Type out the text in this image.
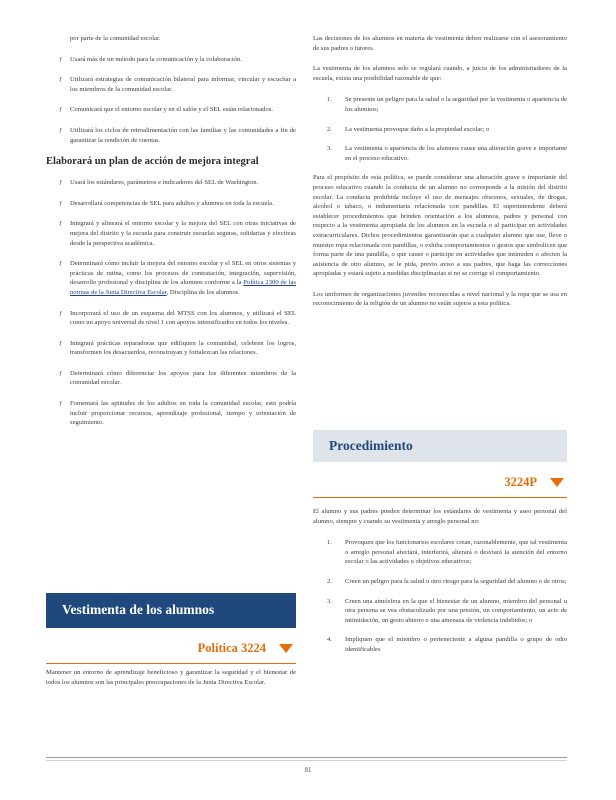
por parte de la comunidad escolar.

ƒ Usará más de un método para la comunicación y la colaboración.

ƒ Utilizará estrategias de comunicación bilateral para informar, vincular y escuchar a los miembros de la comunidad escolar.

ƒ Comunicará que el entorno escolar y en el salón y el SEL están relacionados.

ƒ Utilizará los ciclos de retroalimentación con las familias y las comunidades a fin de garantizar la rendición de cuentas.

Elaborará un plan de acción de mejora integral
ƒ Usará los estándares, parámetros e indicadores del SEL de Washington.

ƒ Desarrollará competencias de SEL para adultos y alumnos en toda la escuela.

ƒ Integrará y alineará el entorno escolar y la mejora del SEL con otras iniciativas de mejora del distrito y la escuela para construir escuelas seguras, solidarias y efectivas desde la perspectiva académica.

ƒ Determinará cómo incluir la mejora del entorno escolar y el SEL en otros sistemas y prácticas de rutina, como los procesos de contratación, integración, supervisión, desarrollo profesional y disciplina de los alumnos conforme a la Política 2300 de las normas de la Junta Directiva Escolar, Disciplina de los alumnos.

ƒ Incorporará el uso de un esquema del MTSS con los alumnos, y utilizará el SEL como un apoyo universal de nivel 1 con apoyos intensificados en todos los niveles.

ƒ Integrará prácticas reparadoras que edifiquen la comunidad, celebren los logros, transformen los desacuerdos, reconstruyan y fortalezcan las relaciones.

ƒ Determinará cómo diferenciar los apoyos para los diferentes miembros de la comunidad escolar.

ƒ Fomentará las aptitudes de los adultos en toda la comunidad escolar, esto podría incluir proporcionar recursos, aprendizaje profesional, tiempo y orientación de seguimiento.

Vestimenta de los alumnos
Política 3224

Mantener un entorno de aprendizaje beneficioso y garantizar la seguridad y el bienestar de todos los alumnos son las principales preocupaciones de la Junta Directiva Escolar.

Las decisiones de los alumnos en materia de vestimenta deben realizarse con el asesoramiento de sus padres o tutores.

La vestimenta de los alumnos solo se regulará cuando, a juicio de los administradores de la escuela, exista una posibilidad razonable de que:

1. Se presente un peligro para la salud o la seguridad por la vestimenta o apariencia de los alumnos;

2. La vestimenta provoque daño a la propiedad escolar; o

3. La vestimenta o apariencia de los alumnos cause una alteración grave e importante en el proceso educativo.

Para el propósito de esta política, se puede considerar una alteración grave e importante del proceso educativo cuando la conducta de un alumno no corresponde a la misión del distrito escolar. La conducta prohibida incluye el uso de mensajes obscenos, sexuales, de drogas, alcohol o tabaco, o indumentaria relacionada con pandillas. El superintendente deberá establecer procedimientos que brinden orientación a los alumnos, padres y personal con respecto a la vestimenta apropiada de los alumnos en la escuela o al participar en actividades extracurriculares. Dichos procedimientos garantizarán que a cualquier alumno que use, lleve o muestre ropa relacionada con pandillas, o exhiba comportamientos o gestos que simbolicen que forma parte de una pandilla, o que cause o participe en actividades que intimiden o afecten la asistencia de otro alumno, se le pida, previo aviso a sus padres, que haga las correcciones apropiadas y estará sujeto a medidas disciplinarias si no se corrige el comportamiento.

Los uniformes de organizaciones juveniles reconocidas a nivel nacional y la ropa que se usa en reconocimiento de la religión de un alumno no están sujetos a esta política.

Procedimiento
3224P

El alumno y sus padres pueden determinar los estándares de vestimenta y aseo personal del alumno, siempre y cuando su vestimenta y arreglo personal no:

1. Provoquen que los funcionarios escolares crean, razonablemente, que tal vestimenta o arreglo personal afectará, interferirá, alterará o desviará la atención del entorno escolar o las actividades u objetivos educativos;

2. Creen un peligro para la salud u otro riesgo para la seguridad del alumno o de otros;

3. Creen una atmósfera en la que el bienestar de un alumno, miembro del personal u otra persona se vea obstaculizado por una presión, un comportamiento, un acto de intimidación, un gesto abierto o una amenaza de violencia indebidos; o

4. Impliquen que el miembro o perteneciente a alguna pandilla o grupo de odio identificables

81
